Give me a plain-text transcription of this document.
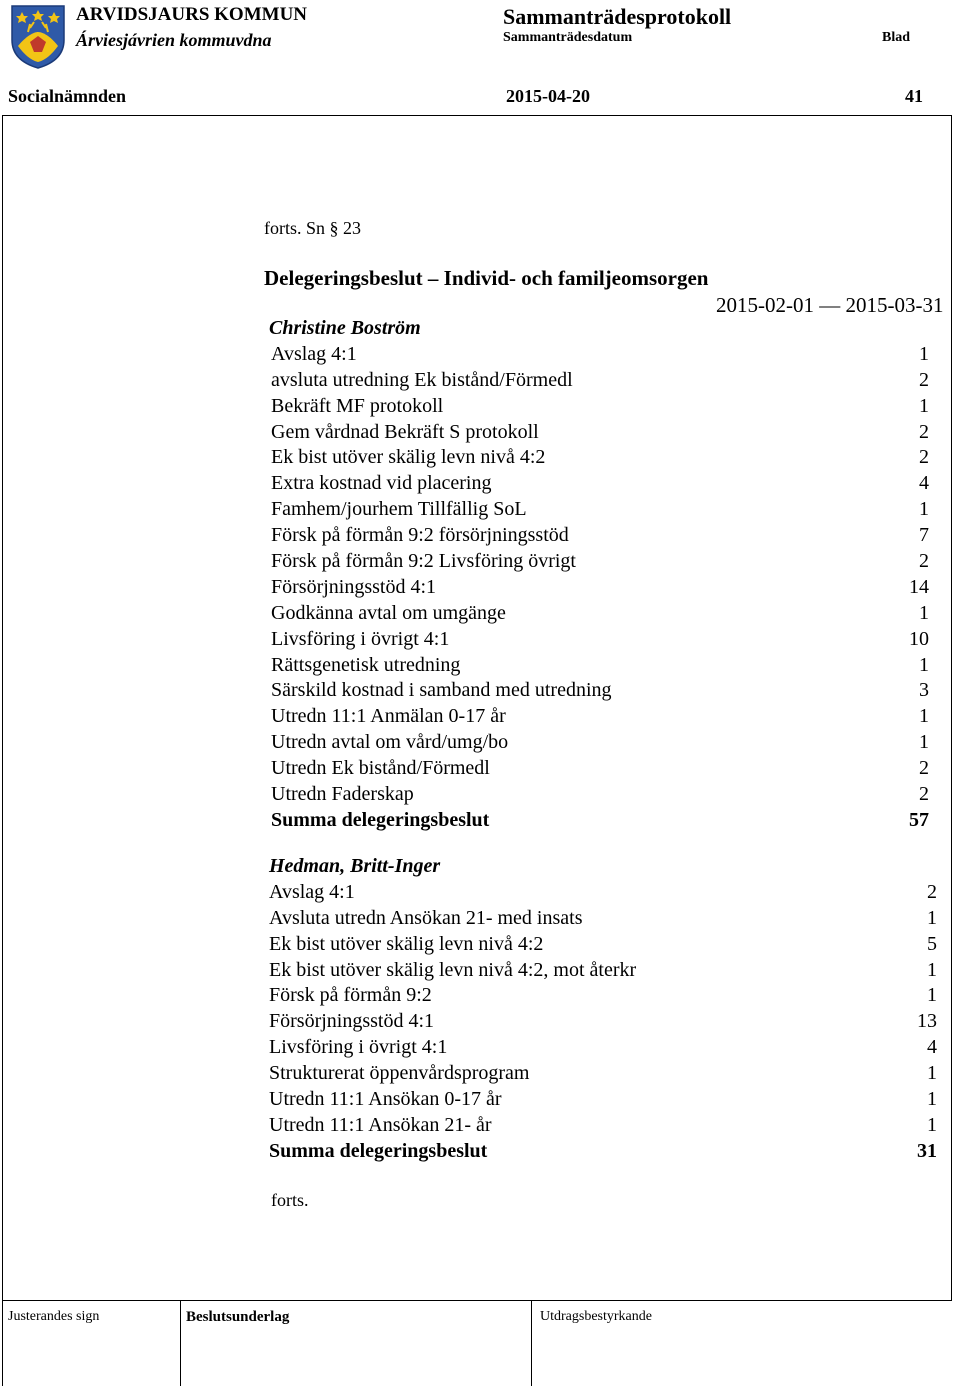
ARVIDSJAURS KOMMUN
Árviesjávrien kommuvdna
Sammanträdesprotokoll
Sammanträdesdatum	Blad
Socialnämnden	2015-04-20	41
forts. Sn § 23
Delegeringsbeslut – Individ- och familjeomsorgen
2015-02-01 — 2015-03-31
Christine Boström
Avslag 4:1	1
avsluta utredning Ek bistånd/Förmedl	2
Bekräft MF protokoll	1
Gem vårdnad Bekräft S protokoll	2
Ek bist utöver skälig levn nivå 4:2	2
Extra kostnad vid placering	4
Famhem/jourhem Tillfällig SoL	1
Försk på förmån 9:2 försörjningsstöd	7
Försk på förmån 9:2 Livsföring övrigt	2
Försörjningsstöd 4:1	14
Godkänna avtal om umgänge	1
Livsföring i övrigt 4:1	10
Rättsgenetisk utredning	1
Särskild kostnad i samband med utredning	3
Utredn 11:1 Anmälan 0-17 år	1
Utredn avtal om vård/umg/bo	1
Utredn Ek bistånd/Förmedl	2
Utredn Faderskap	2
Summa delegeringsbeslut	57
Hedman, Britt-Inger
Avslag 4:1	2
Avsluta utredn Ansökan 21- med insats	1
Ek bist utöver skälig levn nivå 4:2	5
Ek bist utöver skälig levn nivå 4:2, mot återkr	1
Försk på förmån 9:2	1
Försörjningsstöd 4:1	13
Livsföring i övrigt 4:1	4
Strukturerat öppenvårdsprogram	1
Utredn 11:1 Ansökan 0-17 år	1
Utredn 11:1 Ansökan 21- år	1
Summa delegeringsbeslut	31
forts.
Justerandes sign	Beslutsunderlag	Utdragsbestyrkande
